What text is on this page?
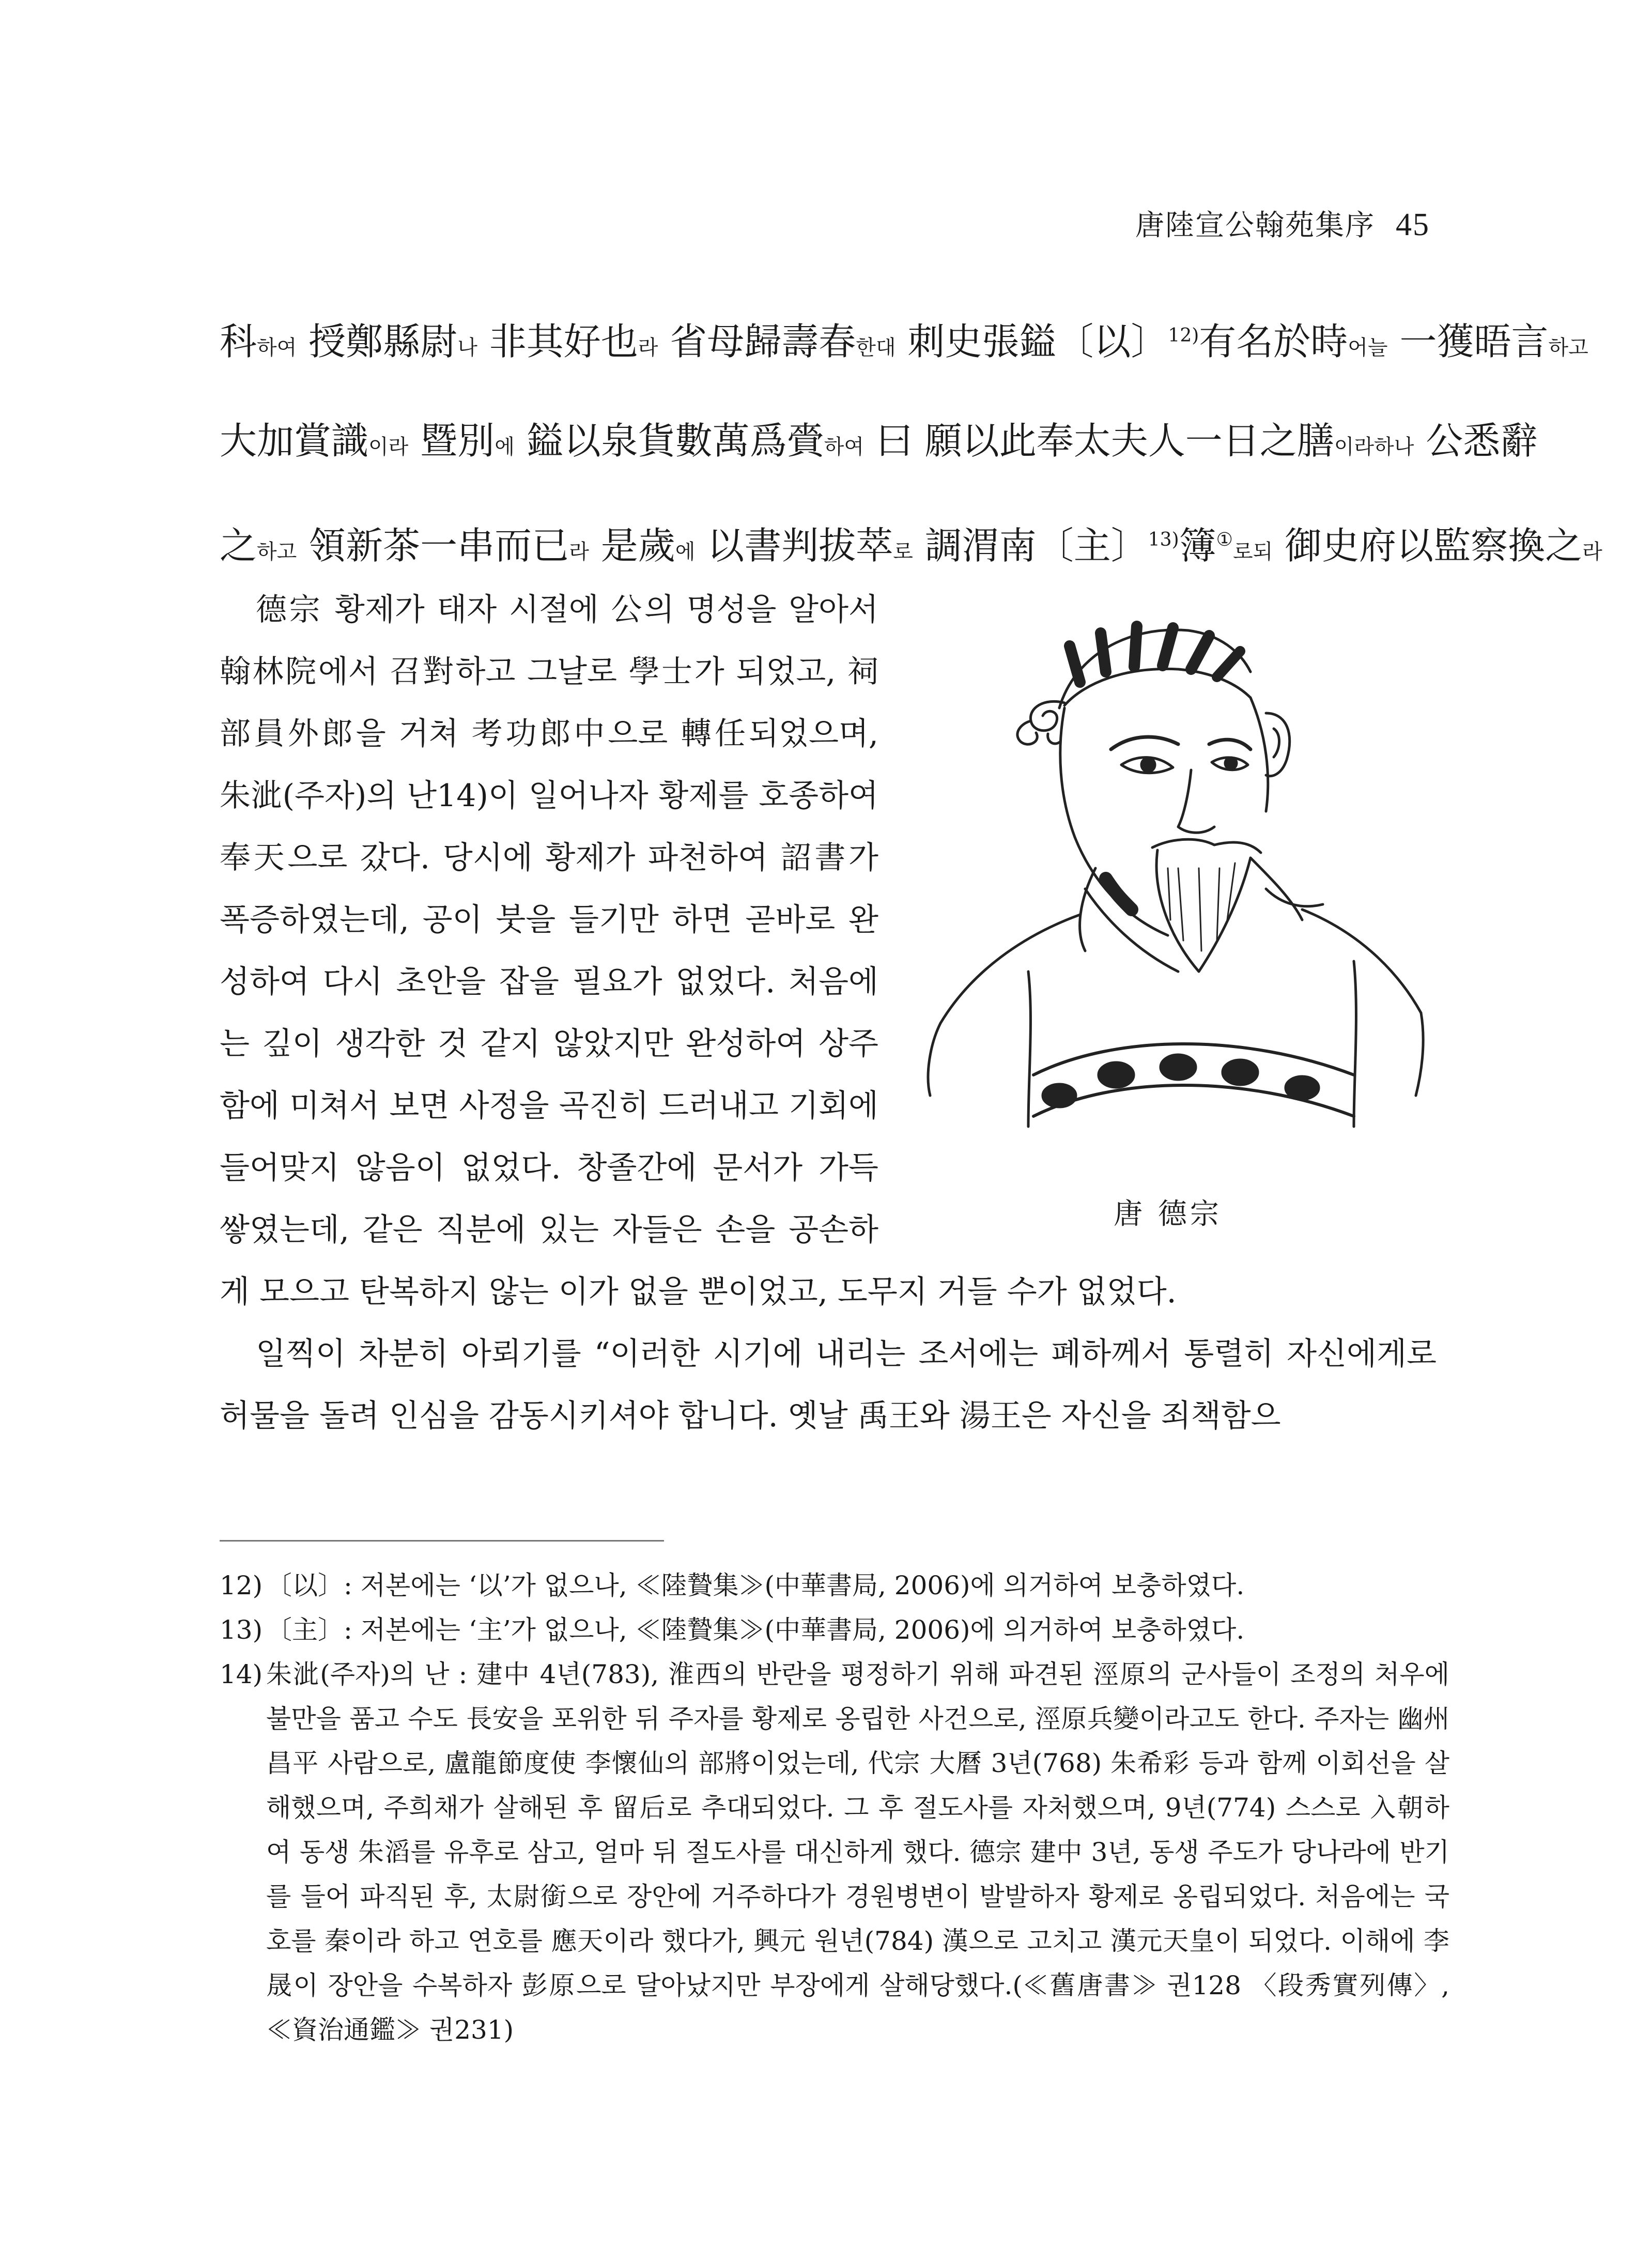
唐陸宣公翰苑集序 45

科하여 授鄭縣尉나 非其好也라 省母歸壽春한대 刺史張鎰〔以〕$^{12)}$有名於時어늘 一獲晤言하고

大加賞識이라 暨別에 鎰以泉貨數萬爲賫하여 曰 願以此奉太夫人一日之膳이라하나 公悉辭

之하고 領新茶一串而已라 是歲에 以書判拔萃로 調渭南〔主〕$^{13)}$簿①로되 御史府以監察換之라

唐 德宗

德宗 황제가 태자 시절에 公의 명성을 알아서 翰林院에서 召對하고 그날로 學士가 되었고, 祠部員外郎을 거쳐 考功郎中으로 轉任되었으며, 朱泚(주자)의 난14)이 일어나자 황제를 호종하여 奉天으로 갔다. 당시에 황제가 파천하여 詔書가 폭증하였는데, 공이 붓을 들기만 하면 곧바로 완성하여 다시 초안을 잡을 필요가 없었다. 처음에는 깊이 생각한 것 같지 않았지만 완성하여 상주함에 미쳐서 보면 사정을 곡진히 드러내고 기회에 들어맞지 않음이 없었다. 창졸간에 문서가 가득 쌓였는데, 같은 직분에 있는 자들은 손을 공손하게 모으고 탄복하지 않는 이가 없을 뿐이었고, 도무지 거들 수가 없었다.

일찍이 차분히 아뢰기를 “이러한 시기에 내리는 조서에는 폐하께서 통렬히 자신에게로 허물을 돌려 인심을 감동시키셔야 합니다. 옛날 禹王와 湯王은 자신을 죄책함으

12) 〔以〕: 저본에는 ‘以’가 없으나, ≪陸贄集≫(中華書局, 2006)에 의거하여 보충하였다.
13) 〔主〕: 저본에는 ‘主’가 없으나, ≪陸贄集≫(中華書局, 2006)에 의거하여 보충하였다.
14) 朱泚(주자)의 난 : 建中 4년(783), 淮西의 반란을 평정하기 위해 파견된 涇原의 군사들이 조정의 처우에 불만을 품고 수도 長安을 포위한 뒤 주자를 황제로 옹립한 사건으로, 涇原兵變이라고도 한다. 주자는 幽州 昌平 사람으로, 盧龍節度使 李懷仙의 部將이었는데, 代宗 大曆 3년(768) 朱希彩 등과 함께 이회선을 살해했으며, 주희채가 살해된 후 留后로 추대되었다. 그 후 절도사를 자처했으며, 9년(774) 스스로 入朝하여 동생 朱滔를 유후로 삼고, 얼마 뒤 절도사를 대신하게 했다. 德宗 建中 3년, 동생 주도가 당나라에 반기를 들어 파직된 후, 太尉銜으로 장안에 거주하다가 경원병변이 발발하자 황제로 옹립되었다. 처음에는 국호를 秦이라 하고 연호를 應天이라 했다가, 興元 원년(784) 漢으로 고치고 漢元天皇이 되었다. 이해에 李晟이 장안을 수복하자 彭原으로 달아났지만 부장에게 살해당했다.(≪舊唐書≫ 권128 〈段秀實列傳〉, ≪資治通鑑≫ 권231)
